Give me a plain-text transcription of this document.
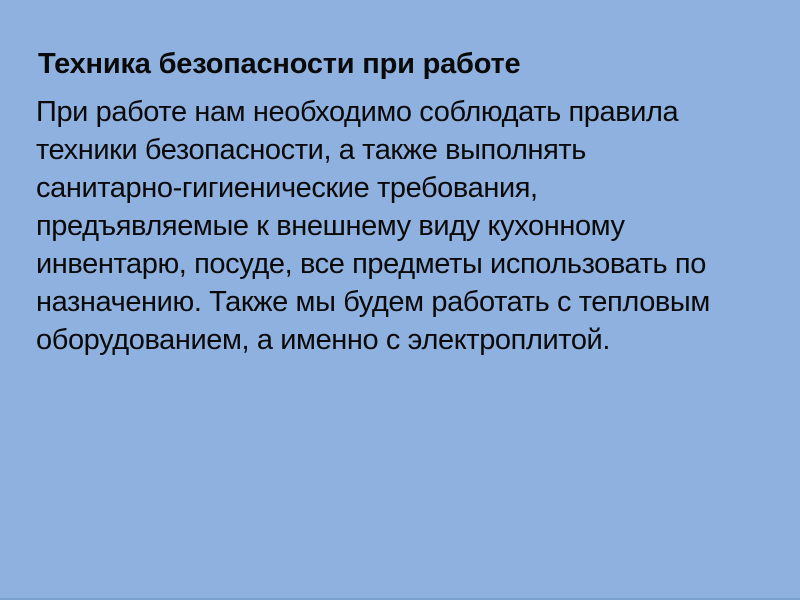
Техника безопасности при работе
При работе нам необходимо соблюдать правила
техники безопасности, а также выполнять
санитарно-гигиенические требования,
предъявляемые к внешнему виду кухонному
инвентарю, посуде, все предметы использовать по
назначению. Также мы будем работать с тепловым
оборудованием, а именно с электроплитой.
